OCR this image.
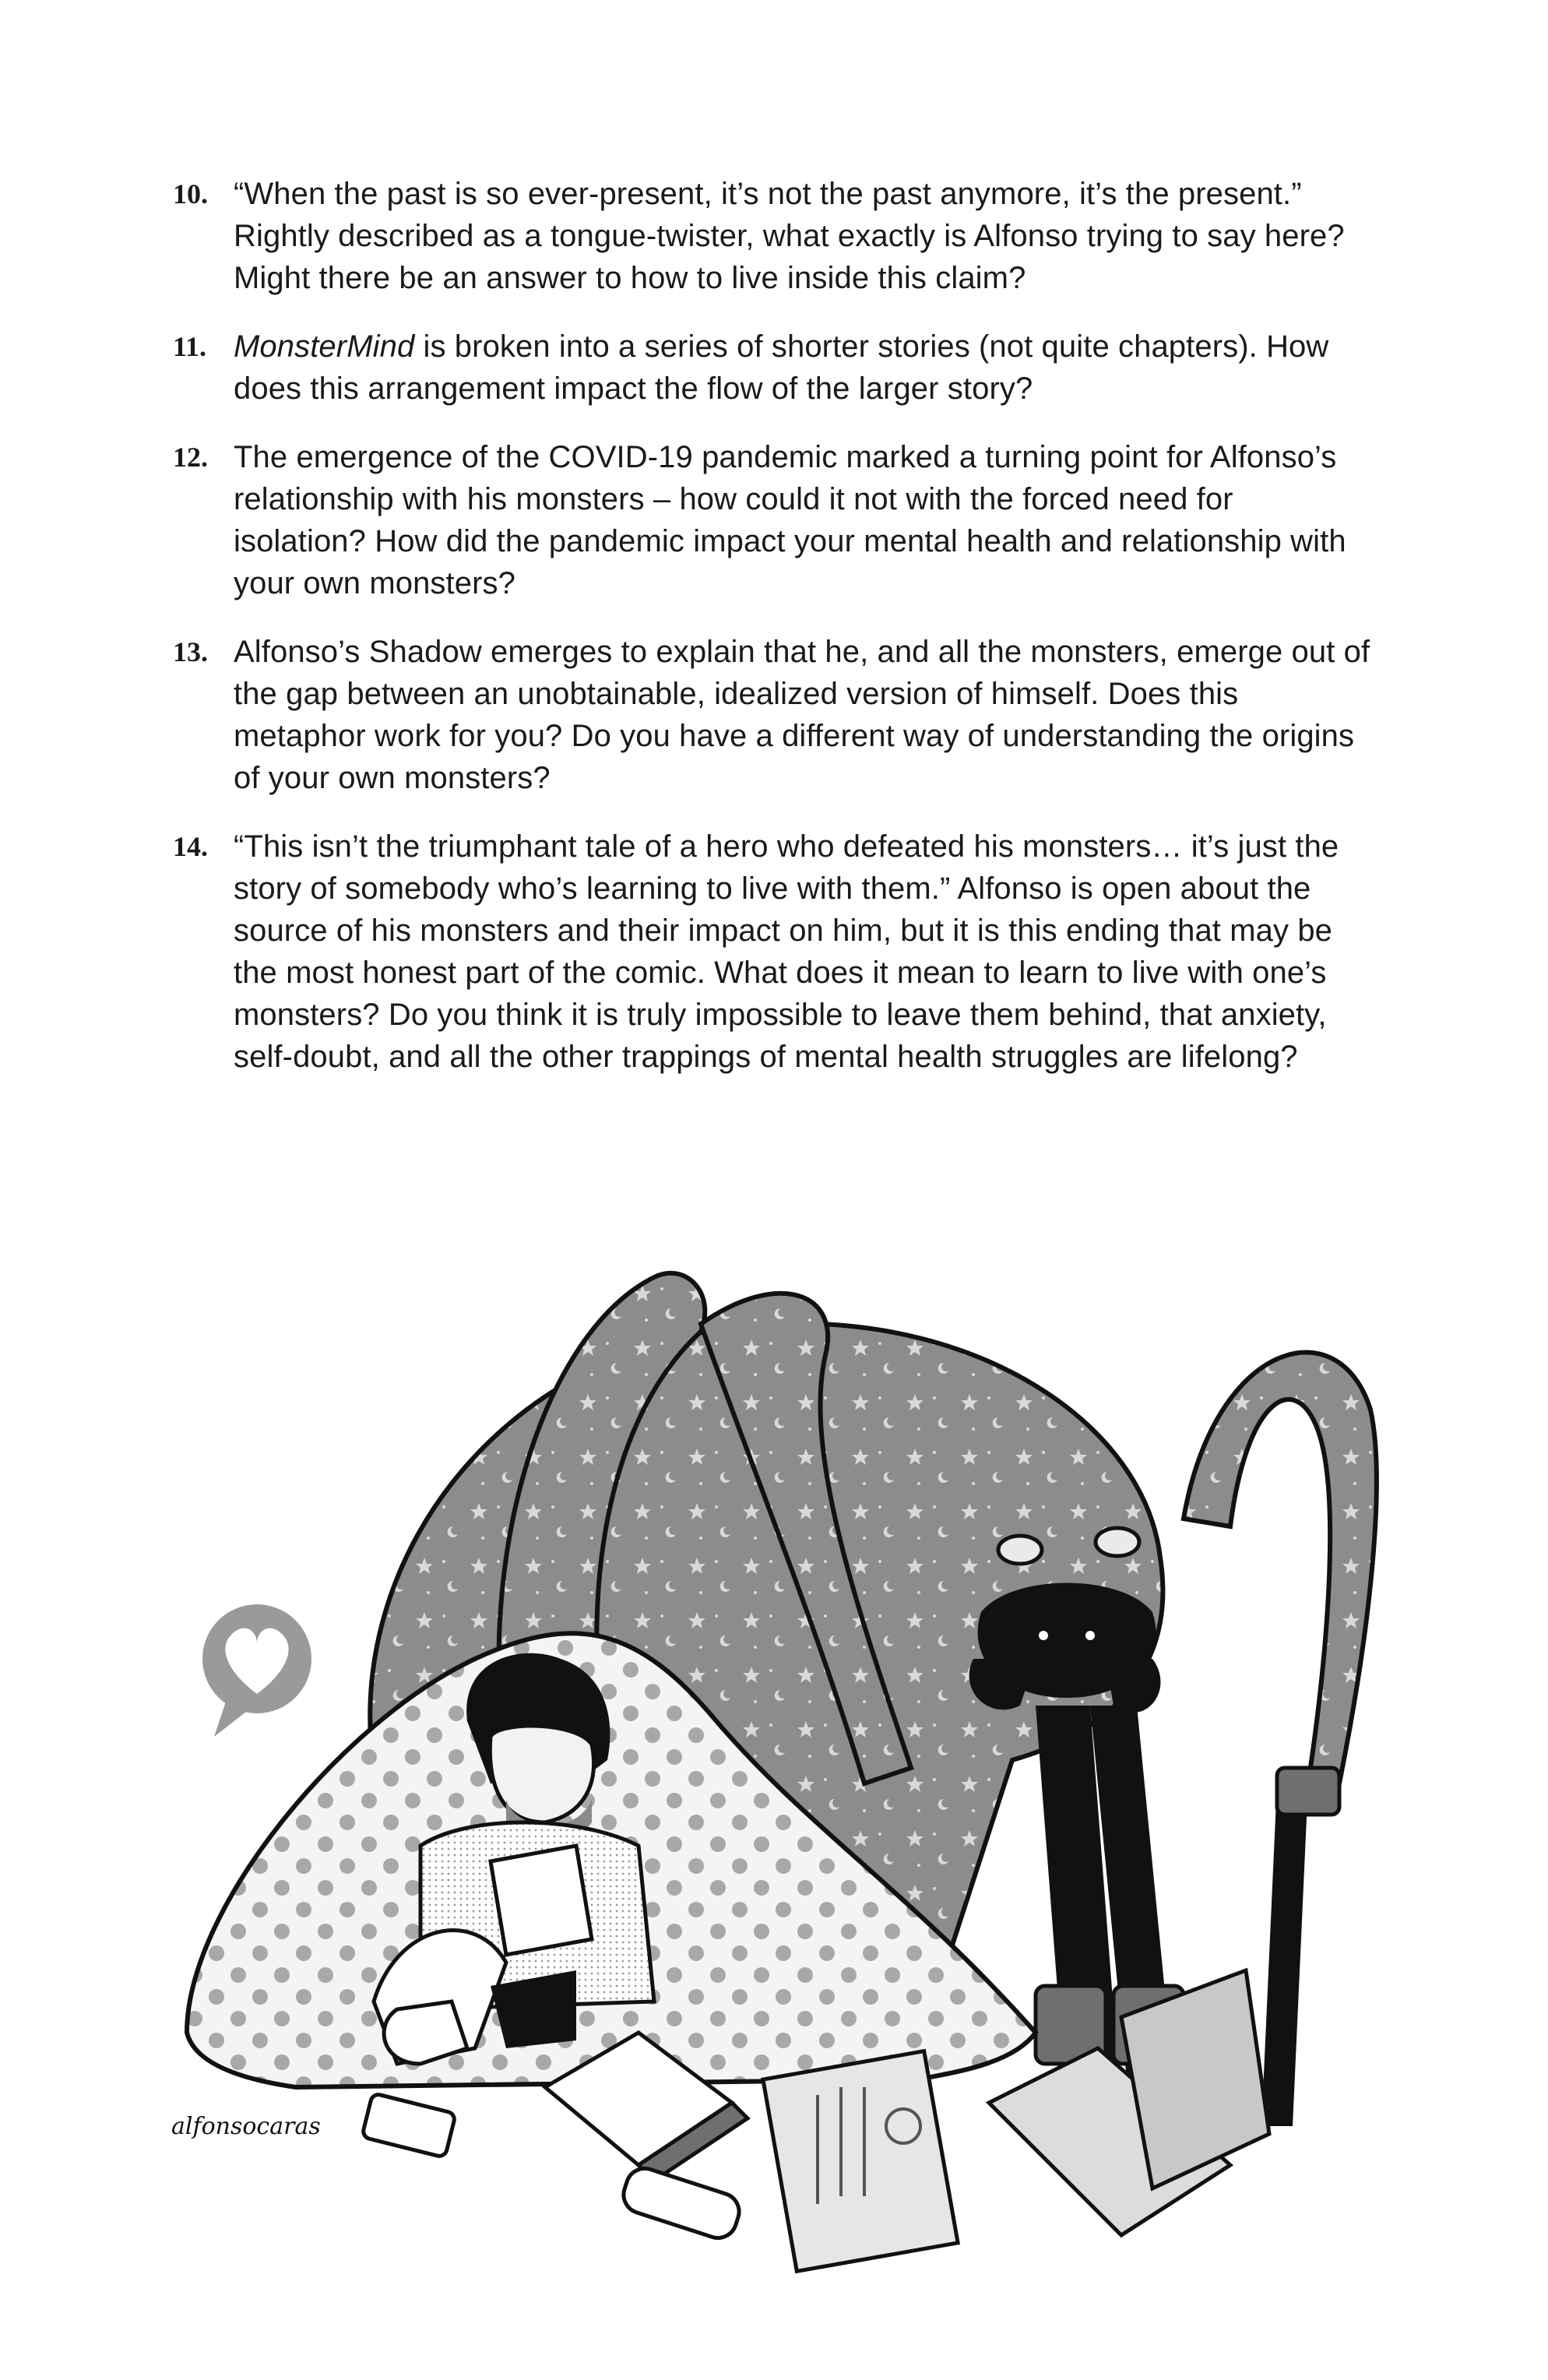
10. “When the past is so ever-present, it’s not the past anymore, it’s the present.” Rightly described as a tongue-twister, what exactly is Alfonso trying to say here? Might there be an answer to how to live inside this claim?
11. MonsterMind is broken into a series of shorter stories (not quite chapters). How does this arrangement impact the flow of the larger story?
12. The emergence of the COVID-19 pandemic marked a turning point for Alfonso’s relationship with his monsters – how could it not with the forced need for isolation? How did the pandemic impact your mental health and relationship with your own monsters?
13. Alfonso’s Shadow emerges to explain that he, and all the monsters, emerge out of the gap between an unobtainable, idealized version of himself. Does this metaphor work for you? Do you have a different way of understanding the origins of your own monsters?
14. “This isn’t the triumphant tale of a hero who defeated his monsters… it’s just the story of somebody who’s learning to live with them.” Alfonso is open about the source of his monsters and their impact on him, but it is this ending that may be the most honest part of the comic. What does it mean to learn to live with one’s monsters? Do you think it is truly impossible to leave them behind, that anxiety, self-doubt, and all the other trappings of mental health struggles are lifelong?
alfonsocaras
